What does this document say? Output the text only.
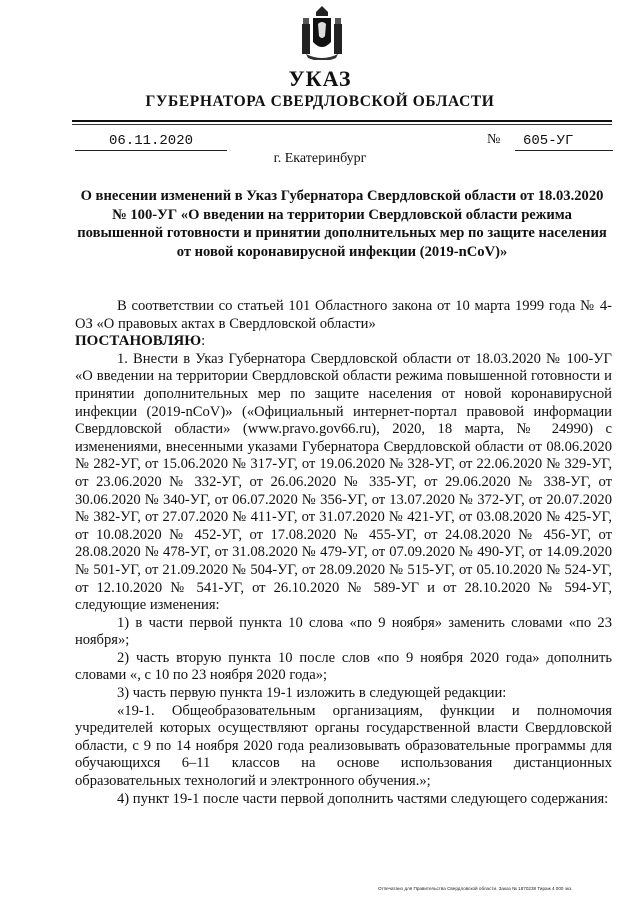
УКАЗ
ГУБЕРНАТОРА СВЕРДЛОВСКОЙ ОБЛАСТИ
06.11.2020	№	605-УГ
г. Екатеринбург
О внесении изменений в Указ Губернатора Свердловской области от 18.03.2020 № 100-УГ «О введении на территории Свердловской области режима повышенной готовности и принятии дополнительных мер по защите населения от новой коронавирусной инфекции (2019-nCoV)»

В соответствии со статьей 101 Областного закона от 10 марта 1999 года № 4-ОЗ «О правовых актах в Свердловской области»

ПОСТАНОВЛЯЮ:

1. Внести в Указ Губернатора Свердловской области от 18.03.2020 № 100-УГ «О введении на территории Свердловской области режима повышенной готовности и принятии дополнительных мер по защите населения от новой коронавирусной инфекции (2019-nCoV)» («Официальный интернет-портал правовой информации Свердловской области» (www.pravo.gov66.ru), 2020, 18 марта, № 24990) с изменениями, внесенными указами Губернатора Свердловской области от 08.06.2020 № 282-УГ, от 15.06.2020 № 317-УГ, от 19.06.2020 № 328-УГ, от 22.06.2020 № 329-УГ, от 23.06.2020 № 332-УГ, от 26.06.2020 № 335-УГ, от 29.06.2020 № 338-УГ, от 30.06.2020 № 340-УГ, от 06.07.2020 № 356-УГ, от 13.07.2020 № 372-УГ, от 20.07.2020 № 382-УГ, от 27.07.2020 № 411-УГ, от 31.07.2020 № 421-УГ, от 03.08.2020 № 425-УГ, от 10.08.2020 № 452-УГ, от 17.08.2020 № 455-УГ, от 24.08.2020 № 456-УГ, от 28.08.2020 № 478-УГ, от 31.08.2020 № 479-УГ, от 07.09.2020 № 490-УГ, от 14.09.2020 № 501-УГ, от 21.09.2020 № 504-УГ, от 28.09.2020 № 515-УГ, от 05.10.2020 № 524-УГ, от 12.10.2020 № 541-УГ, от 26.10.2020 № 589-УГ и от 28.10.2020 № 594-УГ, следующие изменения:

1) в части первой пункта 10 слова «по 9 ноября» заменить словами «по 23 ноября»;

2) часть вторую пункта 10 после слов «по 9 ноября 2020 года» дополнить словами «, с 10 по 23 ноября 2020 года»;

3) часть первую пункта 19-1 изложить в следующей редакции:

«19-1. Общеобразовательным организациям, функции и полномочия учредителей которых осуществляют органы государственной власти Свердловской области, с 9 по 14 ноября 2020 года реализовывать образовательные программы для обучающихся 6–11 классов на основе использования дистанционных образовательных технологий и электронного обучения.»;

4) пункт 19-1 после части первой дополнить частями следующего содержания:

Отпечатано для Правительства Свердловской области. Заказ № 1870238 Тираж 4 000 экз.
